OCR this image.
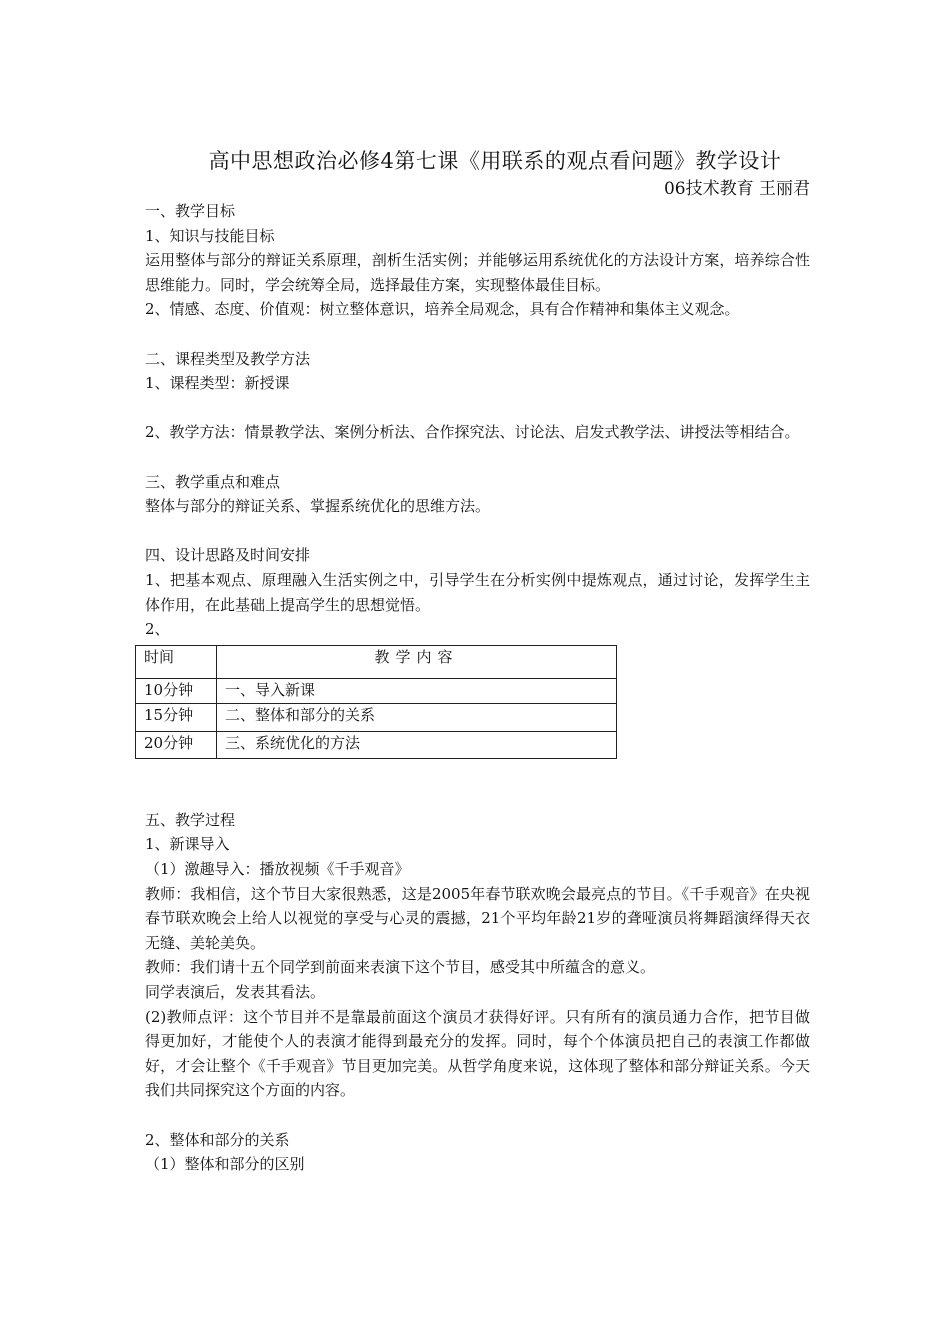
高中思想政治必修4第七课《用联系的观点看问题》教学设计
06技术教育 王丽君

一、教学目标

1、知识与技能目标

运用整体与部分的辩证关系原理，剖析生活实例；并能够运用系统优化的方法设计方案，培养综合性思维能力。同时，学会统筹全局，选择最佳方案，实现整体最佳目标。

2、情感、态度、价值观：树立整体意识，培养全局观念，具有合作精神和集体主义观念。

二、课程类型及教学方法

1、课程类型：新授课

2、教学方法：情景教学法、案例分析法、合作探究法、讨论法、启发式教学法、讲授法等相结合。

三、教学重点和难点

整体与部分的辩证关系、掌握系统优化的思维方法。

四、设计思路及时间安排

1、把基本观点、原理融入生活实例之中，引导学生在分析实例中提炼观点，通过讨论，发挥学生主体作用，在此基础上提高学生的思想觉悟。

2、

时间	教学内容
10分钟	一、导入新课
15分钟	二、整体和部分的关系
20分钟	三、系统优化的方法

五、教学过程

1、新课导入

（1）激趣导入：播放视频《千手观音》

教师：我相信，这个节目大家很熟悉，这是2005年春节联欢晚会最亮点的节目。《千手观音》在央视春节联欢晚会上给人以视觉的享受与心灵的震撼，21个平均年龄21岁的聋哑演员将舞蹈演绎得天衣无缝、美轮美奂。

教师：我们请十五个同学到前面来表演下这个节目，感受其中所蕴含的意义。

同学表演后，发表其看法。

(2)教师点评：这个节目并不是靠最前面这个演员才获得好评。只有所有的演员通力合作，把节目做得更加好，才能使个人的表演才能得到最充分的发挥。同时，每个个体演员把自己的表演工作都做好，才会让整个《千手观音》节目更加完美。从哲学角度来说，这体现了整体和部分辩证关系。今天我们共同探究这个方面的内容。

2、整体和部分的关系

（1）整体和部分的区别
